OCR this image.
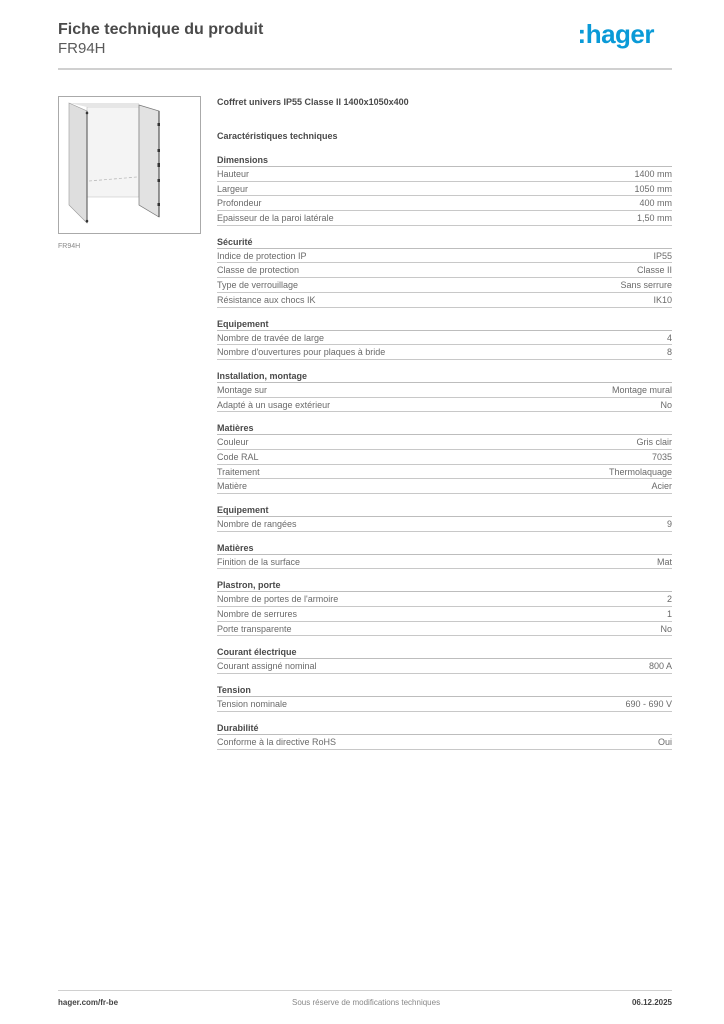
Fiche technique du produit
FR94H	:hager
FR94H
Coffret univers IP55 Classe II 1400x1050x400
Caractéristiques techniques
Dimensions
Hauteur	1400 mm
Largeur	1050 mm
Profondeur	400 mm
Epaisseur de la paroi latérale	1,50 mm
Sécurité
Indice de protection IP	IP55
Classe de protection	Classe II
Type de verrouillage	Sans serrure
Résistance aux chocs IK	IK10
Equipement
Nombre de travée de large	4
Nombre d'ouvertures pour plaques à bride	8
Installation, montage
Montage sur	Montage mural
Adapté à un usage extérieur	No
Matières
Couleur	Gris clair
Code RAL	7035
Traitement	Thermolaquage
Matière	Acier
Equipement
Nombre de rangées	9
Matières
Finition de la surface	Mat
Plastron, porte
Nombre de portes de l'armoire	2
Nombre de serrures	1
Porte transparente	No
Courant électrique
Courant assigné nominal	800 A
Tension
Tension nominale	690 - 690 V
Durabilité
Conforme à la directive RoHS	Oui
hager.com/fr-be	Sous réserve de modifications techniques	06.12.2025
